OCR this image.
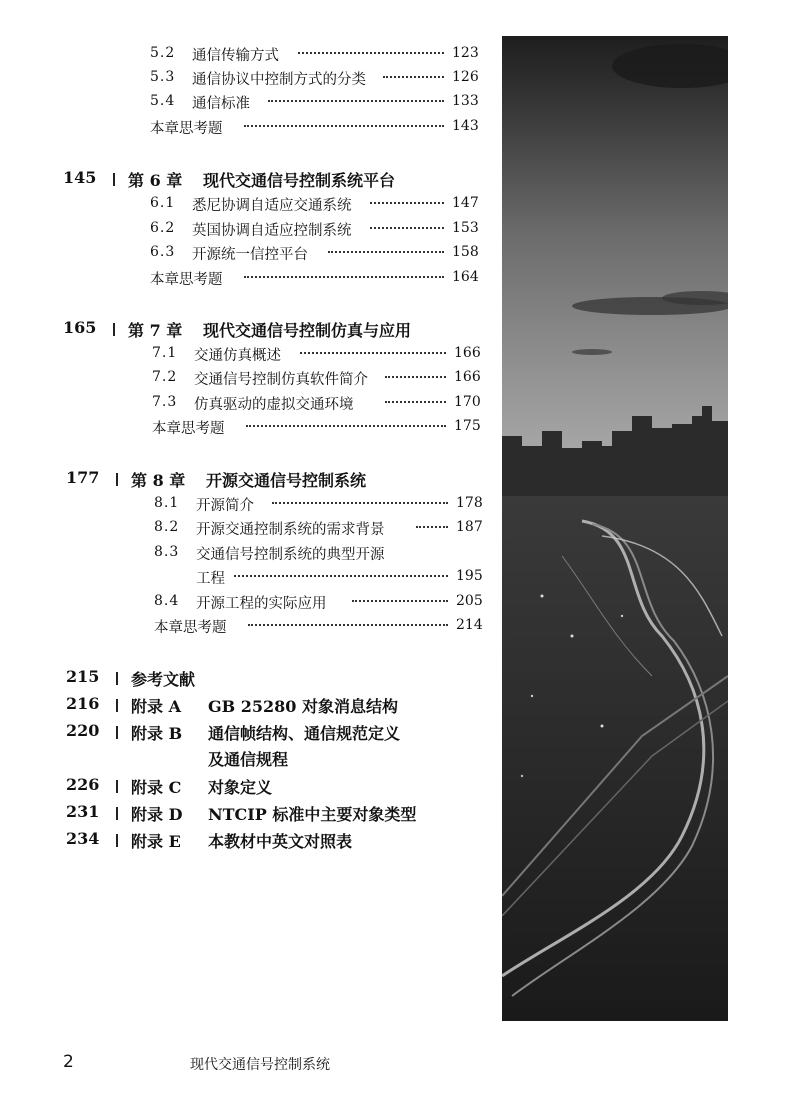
5.2 通信传输方式	123
5.3 通信协议中控制方式的分类	126
5.4 通信标准	133
本章思考题	143
145 第 6 章 现代交通信号控制系统平台
6.1 悉尼协调自适应交通系统	147
6.2 英国协调自适应控制系统	153
6.3 开源统一信控平台	158
本章思考题	164
165 第 7 章 现代交通信号控制仿真与应用
7.1 交通仿真概述	166
7.2 交通信号控制仿真软件简介	166
7.3 仿真驱动的虚拟交通环境	170
本章思考题	175
177 第 8 章 开源交通信号控制系统
8.1 开源简介	178
8.2 开源交通控制系统的需求背景	187
8.3 交通信号控制系统的典型开源
工程	195
8.4 开源工程的实际应用	205
本章思考题	214
215 参考文献
216 附录 A GB 25280 对象消息结构
220 附录 B 通信帧结构、通信规范定义
及通信规程
226 附录 C 对象定义
231 附录 D NTCIP 标准中主要对象类型
234 附录 E 本教材中英文对照表
2	现代交通信号控制系统
